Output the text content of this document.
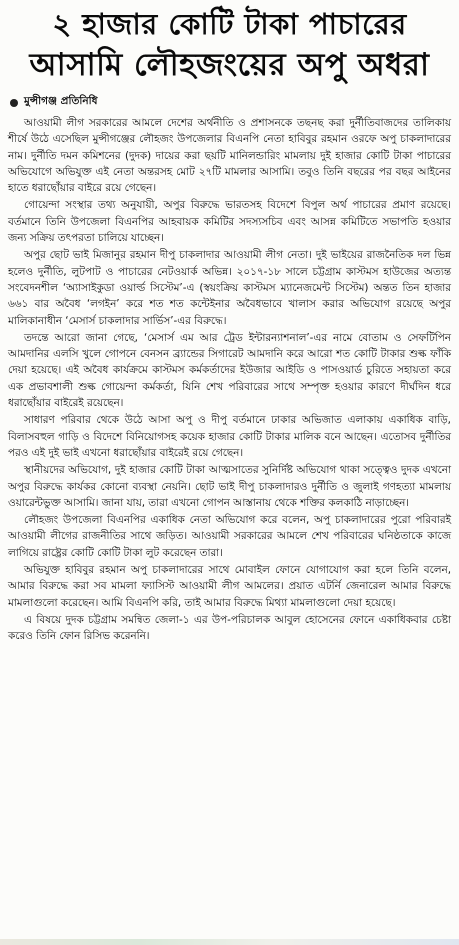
২ হাজার কোটি টাকা পাচারের
আসামি লৌহজংয়ের অপু অধরা
মুন্সীগঞ্জ প্রতিনিধি

আওয়ামী লীগ সরকারের আমলে দেশের অর্থনীতি ও প্রশাসনকে তছনছ করা দুর্নীতিবাজদের তালিকায় শীর্ষে উঠে এসেছিল মুন্সীগঞ্জের লৌহজং উপজেলার বিএনপি নেতা হাবিবুর রহমান ওরফে অপু চাকলাদারের নাম। দুর্নীতি দমন কমিশনের (দুদক) দায়ের করা ছয়টি মানিলন্ডারিং মামলায় দুই হাজার কোটি টাকা পাচারের অভিযোগে অভিযুক্ত এই নেতা অন্তরসহ মোট ২৭টি মামলার আসামি। তবুও তিনি বছরের পর বছর আইনের হাতে ধরাছোঁয়ার বাইরে রয়ে গেছেন।

গোয়েন্দা সংস্থার তথ্য অনুযায়ী, অপুর বিরুদ্ধে ভারতসহ বিদেশে বিপুল অর্থ পাচারের প্রমাণ রয়েছে। বর্তমানে তিনি উপজেলা বিএনপির আহবায়ক কমিটির সদস্যসচিব এবং আসন্ন কমিটিতে সভাপতি হওয়ার জন্য সক্রিয় তৎপরতা চালিয়ে যাচ্ছেন।

অপুর ছোট ভাই মিজানুর রহমান দীপু চাকলাদার আওয়ামী লীগ নেতা। দুই ভাইয়ের রাজনৈতিক দল ভিন্ন হলেও দুর্নীতি, লুটপাট ও পাচারের নেটওয়ার্ক অভিন্ন। ২০১৭-১৮ সালে চট্টগ্রাম কাস্টমস হাউজের অত্যন্ত সংবেদনশীল ‘অ্যাসাইকুডা ওয়ার্ল্ড সিস্টেম’-এ (স্বয়ংক্রিয় কাস্টমস ম্যানেজমেন্ট সিস্টেম) অন্তত তিন হাজার ৬৬১ বার অবৈধ ‘লগইন’ করে শত শত কন্টেইনার অবৈধভাবে খালাস করার অভিযোগ রয়েছে অপুর মালিকানাধীন ‘মেসার্স চাকলাদার সার্ভিস’-এর বিরুদ্ধে।

তদন্তে আরো জানা গেছে, ‘মেসার্স এম আর ট্রেড ইন্টারন্যাশনাল’-এর নামে বোতাম ও সেফটিপিন আমদানির এলসি খুলে গোপনে বেনসন ব্র্যান্ডের সিগারেট আমদানি করে আরো শত কোটি টাকার শুল্ক ফাঁকি দেয়া হয়েছে। এই অবৈধ কার্যক্রমে কাস্টমস কর্মকর্তাদের ইউজার আইডি ও পাসওয়ার্ড চুরিতে সহায়তা করে এক প্রভাবশালী শুল্ক গোয়েন্দা কর্মকর্তা, যিনি শেখ পরিবারের সাথে সম্পৃক্ত হওয়ার কারণে দীর্ঘদিন ধরে ধরাছোঁয়ার বাইরেই রয়েছেন।

সাধারণ পরিবার থেকে উঠে আসা অপু ও দীপু বর্তমানে ঢাকার অভিজাত এলাকায় একাধিক বাড়ি, বিলাসবহুল গাড়ি ও বিদেশে বিনিয়োগসহ কয়েক হাজার কোটি টাকার মালিক বনে আছেন। এতোসব দুর্নীতির পরও এই দুই ভাই এখনো ধরাছোঁয়ার বাইরেই রয়ে গেছেন।

স্থানীয়দের অভিযোগ, দুই হাজার কোটি টাকা আত্মসাতের সুনির্দিষ্ট অভিযোগ থাকা সত্ত্বেও দুদক এখনো অপুর বিরুদ্ধে কার্যকর কোনো ব্যবস্থা নেয়নি। ছোট ভাই দীপু চাকলাদারও দুর্নীতি ও জুলাই গণহত্যা মামলায় ওয়ারেন্টভুক্ত আসামি। জানা যায়, তারা এখনো গোপন আস্তানায় থেকে শক্তির কলকাঠি নাড়াচ্ছেন।

লৌহজং উপজেলা বিএনপির একাধিক নেতা অভিযোগ করে বলেন, অপু চাকলাদারের পুরো পরিবারই আওয়ামী লীগের রাজনীতির সাথে জড়িত। আওয়ামী সরকারের আমলে শেখ পরিবারের ঘনিষ্ঠতাকে কাজে লাগিয়ে রাষ্ট্রের কোটি কোটি টাকা লুট করেছেন তারা।

অভিযুক্ত হাবিবুর রহমান অপু চাকলাদারের সাথে মোবাইল ফোনে যোগাযোগ করা হলে তিনি বলেন, আমার বিরুদ্ধে করা সব মামলা ফ্যাসিস্ট আওয়ামী লীগ আমলের। প্রয়াত এটর্নি জেনারেল আমার বিরুদ্ধে মামলাগুলো করেছেন। আমি বিএনপি করি, তাই আমার বিরুদ্ধে মিথ্যা মামলাগুলো দেয়া হয়েছে।

এ বিষয়ে দুদক চট্টগ্রাম সমন্বিত জেলা-১ এর উপ-পরিচালক আবুল হোসেনের ফোনে একাধিকবার চেষ্টা করেও তিনি ফোন রিসিভ করেননি।
